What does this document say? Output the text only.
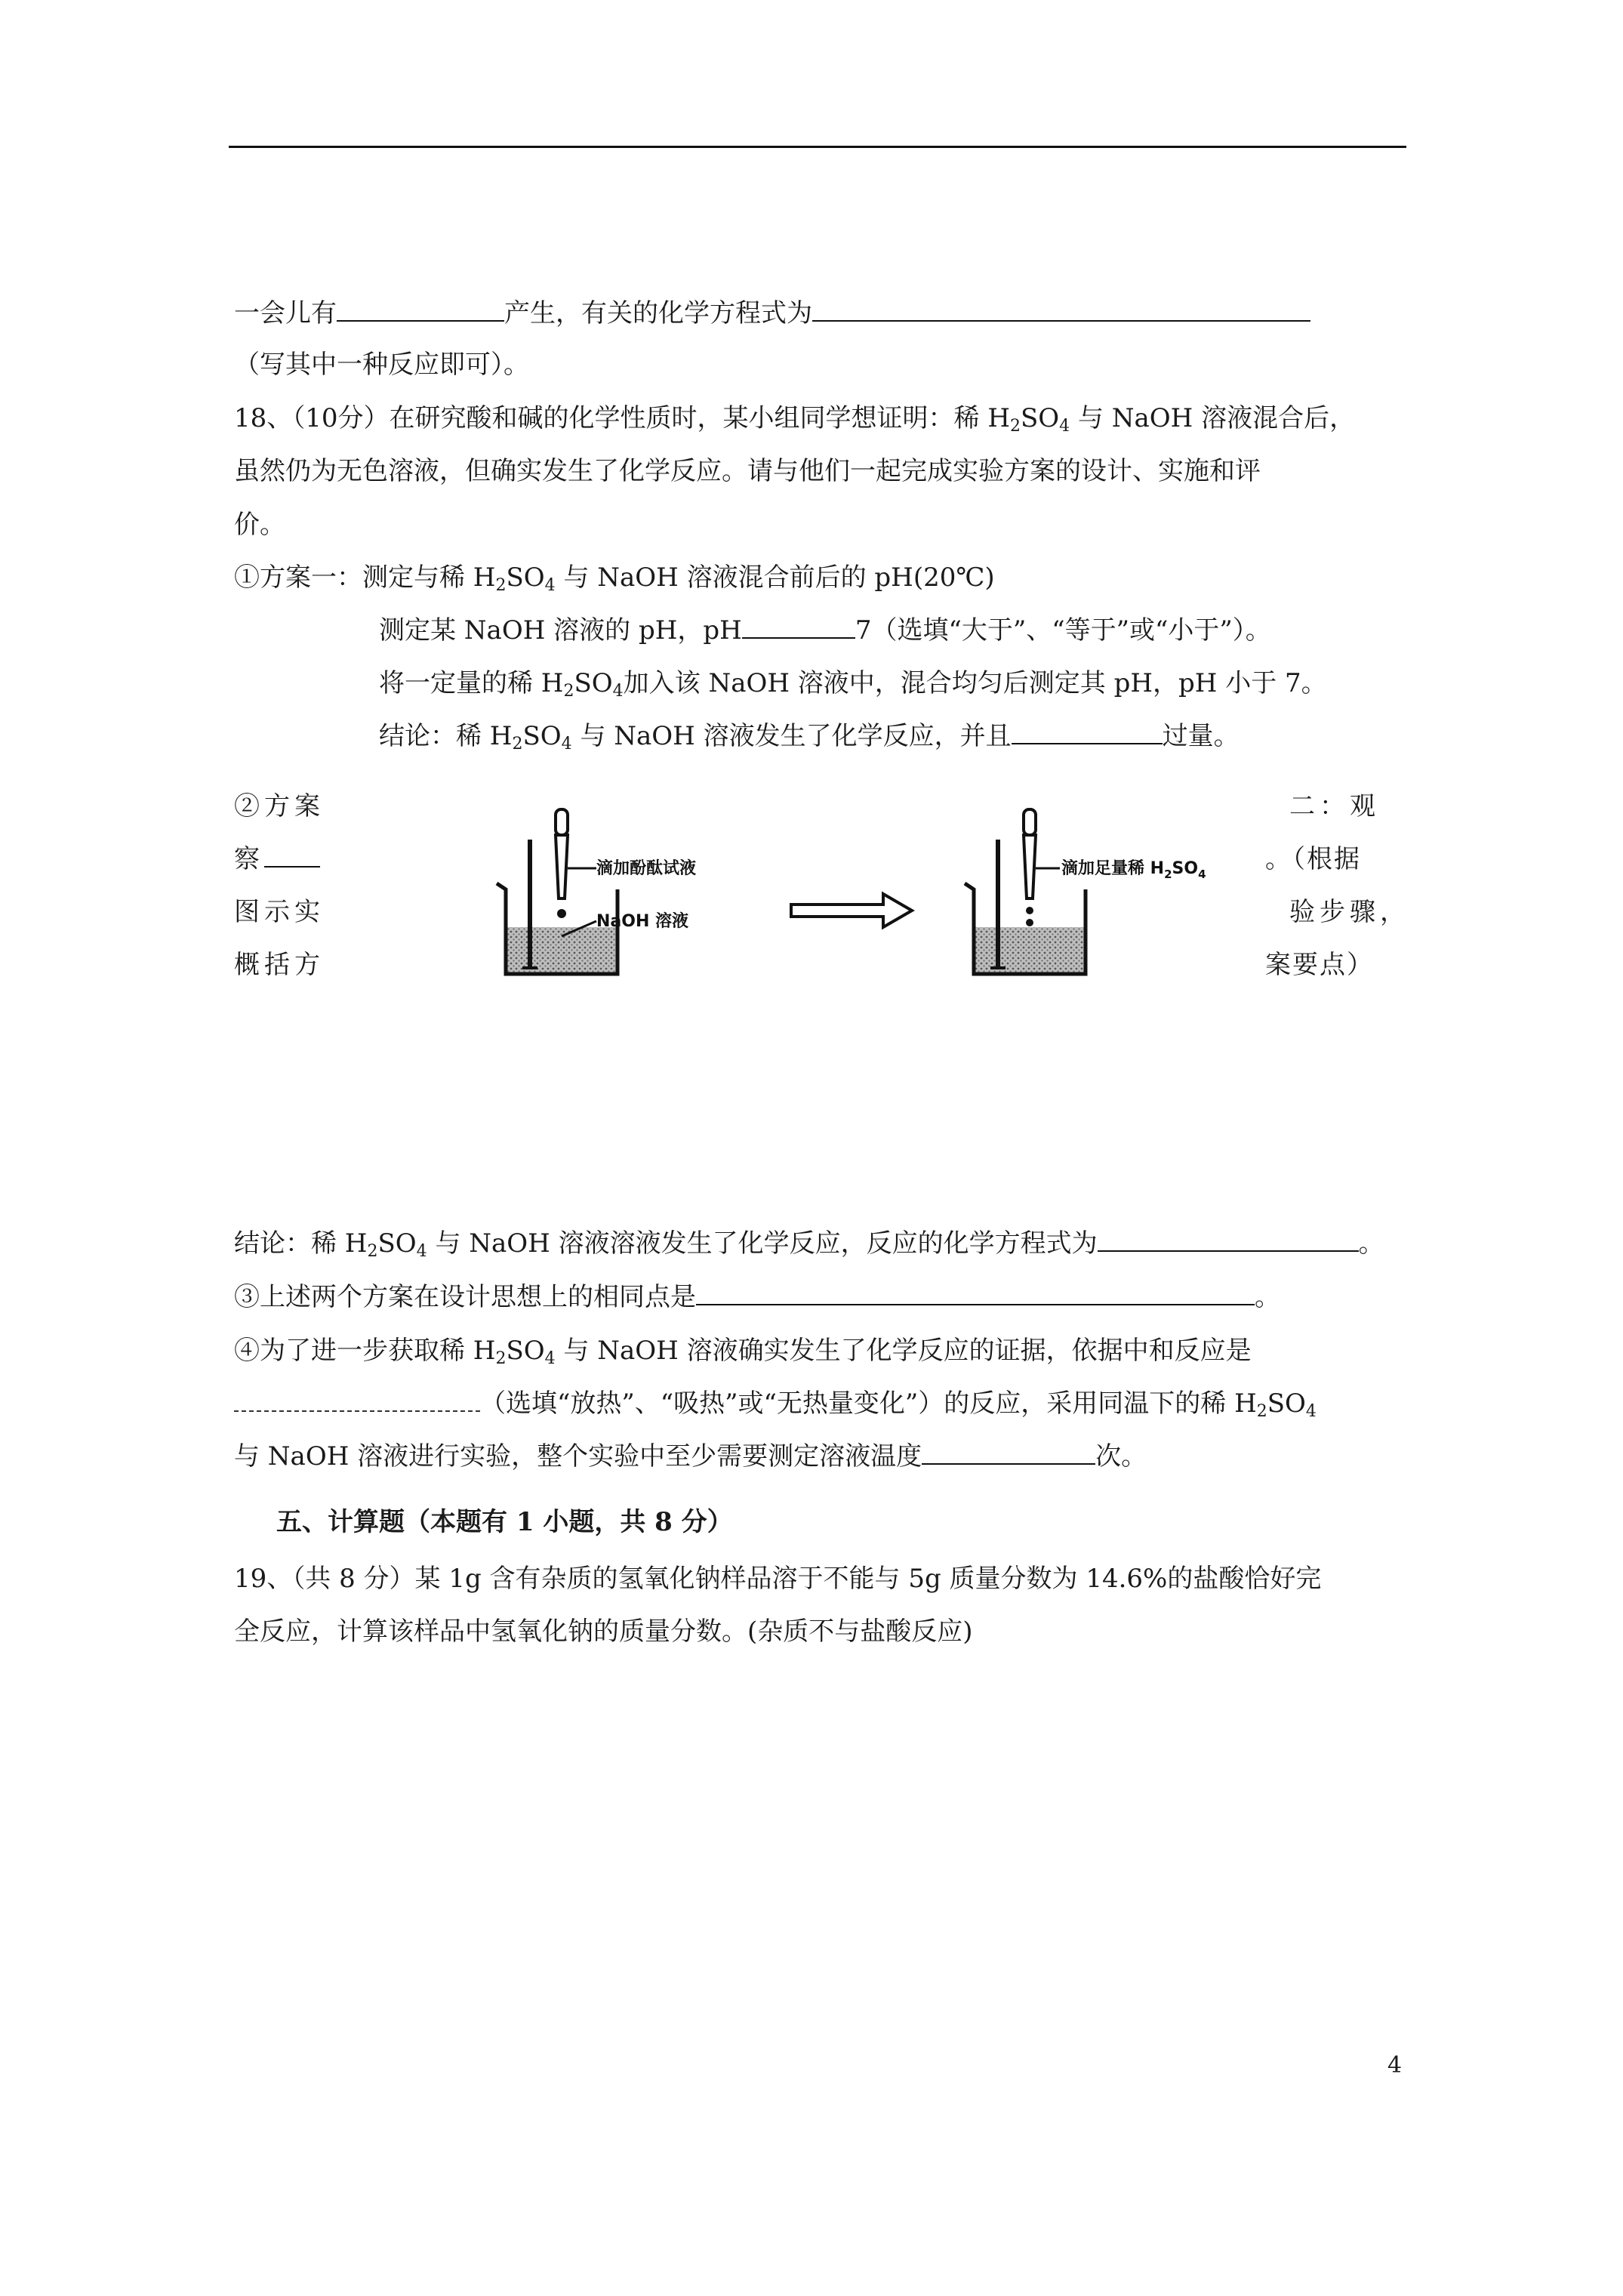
一会儿有	产生，有关的化学方程式为
（写其中一种反应即可）。
18、（10分）在研究酸和碱的化学性质时，某小组同学想证明：稀 $H_2SO_4$ 与 NaOH 溶液混合后，
虽然仍为无色溶液，但确实发生了化学反应。请与他们一起完成实验方案的设计、实施和评
价。
①方案一：测定与稀 $H_2SO_4$ 与 NaOH 溶液混合前后的 pH(20℃)
测定某 NaOH 溶液的 pH，pH	7（选填“大于”、“等于”或“小于”）。
将一定量的稀 $H_2SO_4$加入该 NaOH 溶液中，混合均匀后测定其 pH，pH 小于 7。
结论：稀 $H_2SO_4$ 与 NaOH 溶液发生了化学反应，并且	过量。
②方案
察
图示实
概括方
二：观
。（根据
验步骤，
案要点）
滴加酚酞试液
NaOH 溶液
滴加足量稀 $H_2SO_4$
结论：稀 $H_2SO_4$ 与 NaOH 溶液溶液发生了化学反应，反应的化学方程式为	。
③上述两个方案在设计思想上的相同点是	。
④为了进一步获取稀 $H_2SO_4$ 与 NaOH 溶液确实发生了化学反应的证据，依据中和反应是
（选填“放热”、“吸热”或“无热量变化”）的反应，采用同温下的稀 $H_2SO_4$
与 NaOH 溶液进行实验，整个实验中至少需要测定溶液温度	次。
五、计算题（本题有 1 小题，共 8 分）
19、（共 8 分）某 1g 含有杂质的氢氧化钠样品溶于不能与 5g 质量分数为 14.6%的盐酸恰好完
全反应，计算该样品中氢氧化钠的质量分数。(杂质不与盐酸反应)
4
